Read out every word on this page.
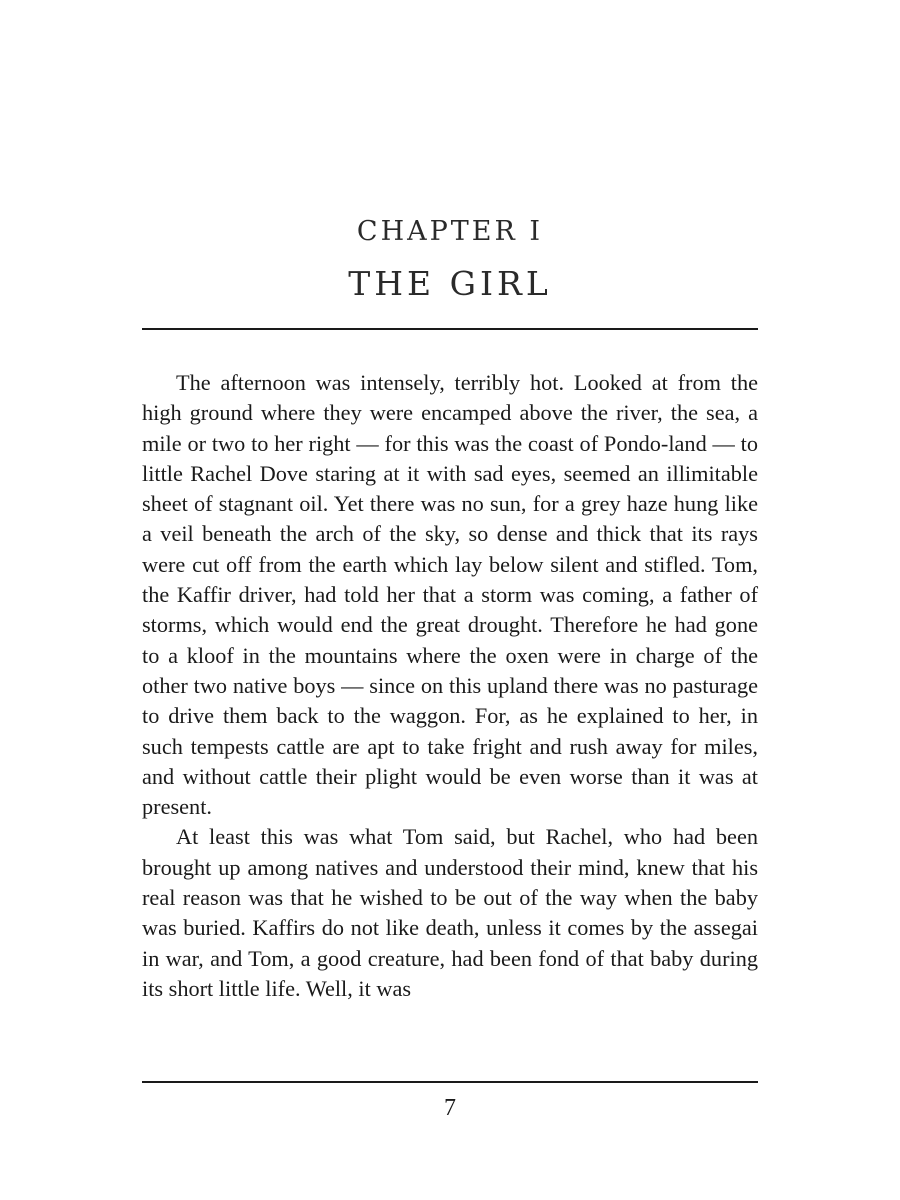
CHAPTER I
THE GIRL

The afternoon was intensely, terribly hot. Looked at from the high ground where they were encamped above the river, the sea, a mile or two to her right — for this was the coast of Pondo-land — to little Rachel Dove staring at it with sad eyes, seemed an illimitable sheet of stagnant oil. Yet there was no sun, for a grey haze hung like a veil beneath the arch of the sky, so dense and thick that its rays were cut off from the earth which lay below silent and stifled. Tom, the Kaffir driver, had told her that a storm was coming, a father of storms, which would end the great drought. Therefore he had gone to a kloof in the mountains where the oxen were in charge of the other two native boys — since on this upland there was no pasturage to drive them back to the waggon. For, as he explained to her, in such tempests cattle are apt to take fright and rush away for miles, and without cattle their plight would be even worse than it was at present.

At least this was what Tom said, but Rachel, who had been brought up among natives and understood their mind, knew that his real reason was that he wished to be out of the way when the baby was buried. Kaffirs do not like death, unless it comes by the assegai in war, and Tom, a good creature, had been fond of that baby during its short little life. Well, it was

7
